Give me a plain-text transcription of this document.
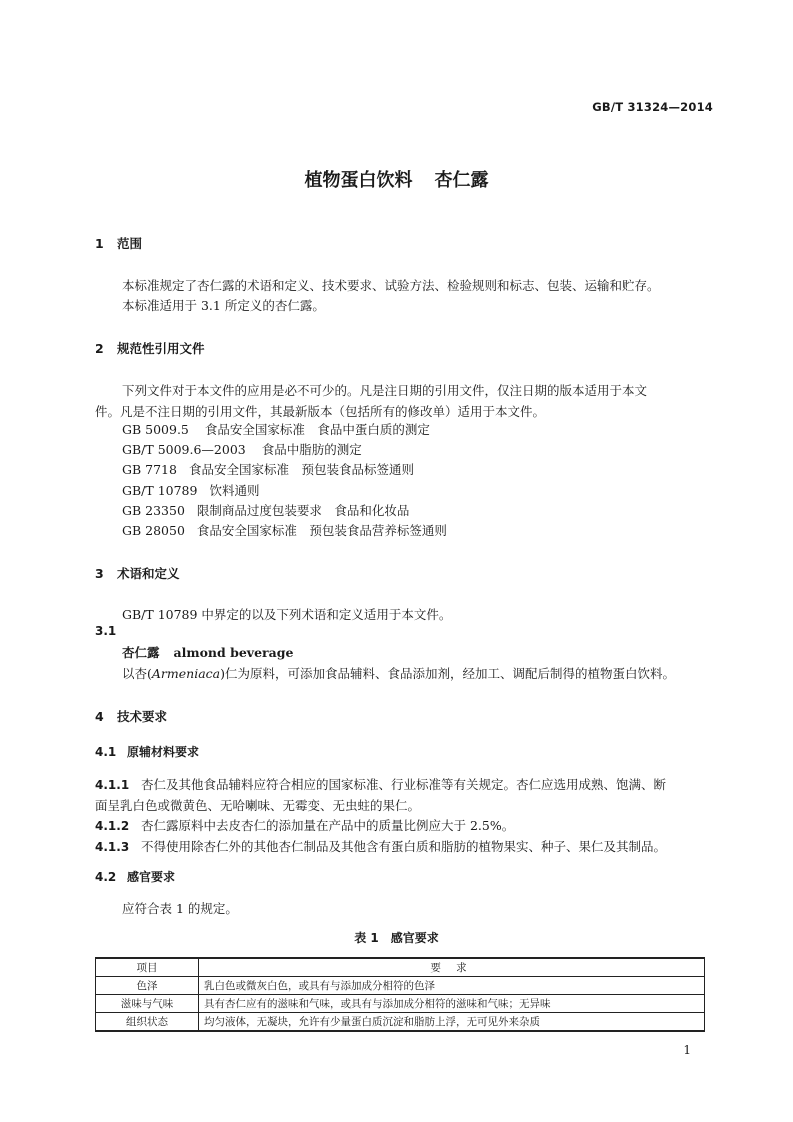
GB/T 31324—2014
植物蛋白饮料 杏仁露
1 范围
本标准规定了杏仁露的术语和定义、技术要求、试验方法、检验规则和标志、包装、运输和贮存。
本标准适用于 3.1 所定义的杏仁露。
2 规范性引用文件
下列文件对于本文件的应用是必不可少的。凡是注日期的引用文件，仅注日期的版本适用于本文
件。凡是不注日期的引用文件，其最新版本（包括所有的修改单）适用于本文件。
GB 5009.5 食品安全国家标准　食品中蛋白质的测定
GB/T 5009.6—2003 食品中脂肪的测定
GB 7718 食品安全国家标准　预包装食品标签通则
GB/T 10789 饮料通则
GB 23350 限制商品过度包装要求　食品和化妆品
GB 28050 食品安全国家标准　预包装食品营养标签通则
3 术语和定义
GB/T 10789 中界定的以及下列术语和定义适用于本文件。
3.1
杏仁露 almond beverage
以杏(Armeniaca)仁为原料，可添加食品辅料、食品添加剂，经加工、调配后制得的植物蛋白饮料。
4 技术要求
4.1 原辅材料要求
4.1.1 杏仁及其他食品辅料应符合相应的国家标准、行业标准等有关规定。杏仁应选用成熟、饱满、断
面呈乳白色或微黄色、无哈喇味、无霉变、无虫蛀的果仁。
4.1.2 杏仁露原料中去皮杏仁的添加量在产品中的质量比例应大于 2.5%。
4.1.3 不得使用除杏仁外的其他杏仁制品及其他含有蛋白质和脂肪的植物果实、种子、果仁及其制品。
4.2 感官要求
应符合表 1 的规定。
表 1 感官要求
项目	要 求
色泽	乳白色或微灰白色，或具有与添加成分相符的色泽
滋味与气味	具有杏仁应有的滋味和气味，或具有与添加成分相符的滋味和气味；无异味
组织状态	均匀液体，无凝块，允许有少量蛋白质沉淀和脂肪上浮，无可见外来杂质
1
